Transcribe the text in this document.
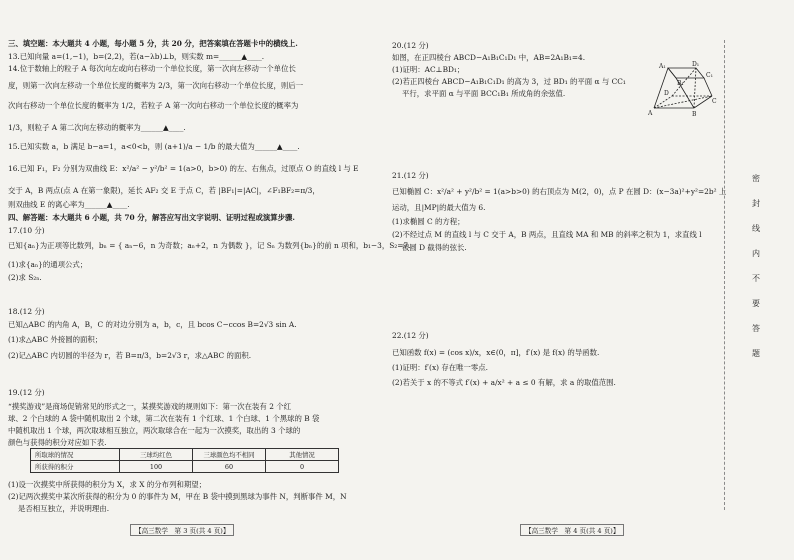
三、填空题：本大题共 4 小题，每小题 5 分，共 20 分，把答案填在答题卡中的横线上.
13.已知向量 a=(1,−1)，b=(2,2)，若(a−λb)⊥b，则实数 m=______▲____.
14.位于数轴上的粒子 A 每次向左或向右移动一个单位长度，第一次向左移动一个单位长
度，则第一次向左移动一个单位长度的概率为 2/3，第一次向右移动一个单位长度，则后一
次向右移动一个单位长度的概率为 1/2，若粒子 A 第一次向右移动一个单位长度的概率为
1/3，则粒子 A 第二次向左移动的概率为______▲____.
15.已知实数 a，b 满足 b−a=1，a<0<b，则 (a+1)/a − 1/b 的最大值为______▲____.
16.已知 F₁，F₂ 分别为双曲线 E：x²/a² − y²/b² = 1(a>0，b>0) 的左、右焦点，过原点 O 的直线 l 与 E
交于 A，B 两点(点 A 在第一象限)，延长 AF₂ 交 E 于点 C，若 |BF₁|=|AC|，∠F₁BF₂=π/3，
则双曲线 E 的离心率为______▲____.
四、解答题：本大题共 6 小题，共 70 分，解答应写出文字说明、证明过程或演算步骤.
17.(10 分)
已知{aₙ}为正项等比数列，bₙ = { aₙ−6，n 为奇数；aₙ+2，n 为偶数 }，记 Sₙ 为数列{bₙ}的前 n 项和，b₁−3，S₂=7.
(1)求{aₙ}的通项公式；
(2)求 S₂ₙ.
18.(12 分)
已知△ABC 的内角 A，B，C 的对边分别为 a，b，c，且 bcos C−ccos B=2√3 sin A.
(1)求△ABC 外接圆的面积；
(2)记△ABC 内切圆的半径为 r，若 B=π/3，b=2√3 r，求△ABC 的面积.
19.(12 分)
“摸奖游戏”是商场促销常见的形式之一，某摸奖游戏的规则如下：第一次在装有 2 个红
球、2 个白球的 A 袋中随机取出 2 个球，第二次在装有 1 个红球、1 个白球、1 个黑球的 B 袋
中随机取出 1 个球，两次取球相互独立，两次取球合在一起为一次摸奖，取出的 3 个球的
颜色与获得的积分对应如下表.
(1)设一次摸奖中所获得的积分为 X，求 X 的分布列和期望；
(2)记两次摸奖中某次所获得的积分为 0 的事件为 M，甲在 B 袋中摸到黑球为事件 N，判断事件 M，N
是否相互独立，并说明理由.
所取球的情况	三球均红色	三球颜色均不相同	其他情况
所获得的积分	100	60	0
【高三数学　第 3 页(共 4 页)】
20.(12 分)
如图，在正四棱台 ABCD−A₁B₁C₁D₁ 中，AB=2A₁B₁=4.
(1)证明：AC⊥BD₁；
(2)若正四棱台 ABCD−A₁B₁C₁D₁ 的高为 3，过 BD₁ 的平面 α 与 CC₁
平行，求平面 α 与平面 BCC₁B₁ 所成角的余弦值.
21.(12 分)
已知椭圆 C：x²/a² + y²/b² = 1(a>b>0) 的右顶点为 M(2，0)，点 P 在圆 D：(x−3a)²+y²=2b² 上
运动，且|MP|的最大值为 6.
(1)求椭圆 C 的方程；
(2)不经过点 M 的直线 l 与 C 交于 A，B 两点，且直线 MA 和 MB 的斜率之积为 1，求直线 l
被圆 D 截得的弦长.
22.(12 分)
已知函数 f(x) = (cos x)/x，x∈(0，π]，f′(x) 是 f(x) 的导函数.
(1)证明：f′(x) 存在唯一零点.
(2)若关于 x 的不等式 f′(x) + a/x² + a ≤ 0 有解，求 a 的取值范围.
D₁
C₁
A₁
B₁
D
C
A	B
【高三数学　第 4 页(共 4 页)】
密
封
线
内
不
要
答
题
